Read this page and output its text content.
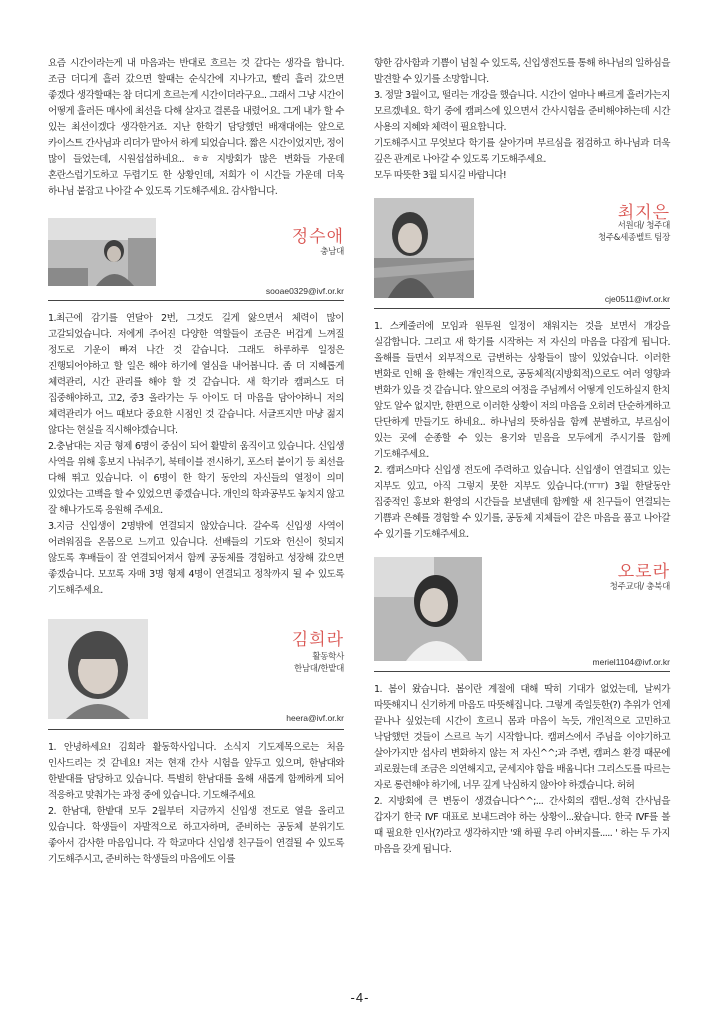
요즘 시간이라는게 내 마음과는 반대로 흐르는 것 같다는 생각을 합니다. 조금 더디게 흘러 갔으면 할때는 순식간에 지나가고, 빨리 흘러 갔으면 좋겠다 생각할때는 참 더디게 흐르는게 시간이더라구요.. 그래서 그냥 시간이 어떻게 흘러든 매사에 최선을 다해 살자고 결론을 내렸어요. 그게 내가 할 수 있는 최선이겠다 생각한거죠. 지난 한학기 담당했던 배재대에는 앞으로 카이스트 간사님과 리더가 맡아서 하게 되었습니다. 짧은 시간이었지만, 정이 많이 들었는데, 시원섭섭하네요.. ㅎㅎ 지방회가 많은 변화들 가운데 혼란스럽기도하고 두렵기도 한 상황인데, 저희가 이 시간들 가운데 더욱 하나님 붙잡고 나아갈 수 있도록 기도해주세요. 감사합니다.

정수애
충남대
sooae0329@ivf.or.kr

1.최근에 감기를 연달아 2번, 그것도 길게 앓으면서 체력이 많이 고갈되었습니다. 저에게 주어진 다양한 역할들이 조금은 버겁게 느껴질 정도로 기운이 빠져 나간 것 같습니다. 그래도 하루하루 일정은 진행되어야하고 할 일은 해야 하기에 열심을 내어봅니다. 좀 더 지혜롭게 체력관리, 시간 관리를 해야 할 것 같습니다. 새 학기라 캠퍼스도 더 집중해야하고, 고2, 중3 올라가는 두 아이도 더 마음을 담아야하니 저의 체력관리가 어느 때보다 중요한 시점인 것 같습니다. 서글프지만 마냥 젊지 않다는 현실을 직시해야겠습니다.

2.충남대는 지금 형제 6명이 중심이 되어 활발히 움직이고 있습니다. 신입생 사역을 위해 홍보지 나눠주기, 북테이블 전시하기, 포스터 붙이기 등 최선을 다해 뛰고 있습니다. 이 6명이 한 학기 동안의 자신들의 열정이 의미 있었다는 고백을 할 수 있었으면 좋겠습니다. 개인의 학과공부도 놓치지 않고 잘 해나가도록 응원해 주세요.

3.지금 신입생이 2명밖에 연결되지 않았습니다. 갈수록 신입생 사역이 어려워짐을 온몸으로 느끼고 있습니다. 선배들의 기도와 헌신이 헛되지 않도록 후배들이 잘 연결되어져서 함께 공동체를 경험하고 성장해 갔으면 좋겠습니다. 모꼬록 자매 3명 형제 4명이 연결되고 정착까지 될 수 있도록 기도해주세요.

김희라
활동학사
한남대/한밭대
heera@ivf.or.kr

1. 안녕하세요! 김희라 활동학사입니다. 소식지 기도제목으로는 처음 인사드리는 것 같네요! 저는 현재 간사 시험을 앞두고 있으며, 한남대와 한밭대를 담당하고 있습니다. 특별히 한남대를 올해 새롭게 함께하게 되어 적응하고 맞춰가는 과정 중에 있습니다. 기도해주세요

2. 한남대, 한밭대 모두 2월부터 지금까지 신입생 전도로 열을 올리고 있습니다. 학생들이 자발적으로 하고자하며, 준비하는 공동체 분위기도 좋아서 감사한 마음입니다. 각 학교마다 신입생 친구들이 연결될 수 있도록 기도해주시고, 준비하는 학생들의 마음에도 이를

향한 감사함과 기쁨이 넘칠 수 있도록, 신입생전도를 통해 하나님의 일하심을 발견할 수 있기를 소망합니다.

3. 정말 3월이고, 떨리는 개강을 했습니다. 시간이 얼마나 빠르게 흘러가는지 모르겠네요. 학기 중에 캠퍼스에 있으면서 간사시험을 준비해야하는데 시간 사용의 지혜와 체력이 필요합니다.

기도해주시고 무엇보다 학기를 살아가며 부르심을 점검하고 하나님과 더욱 깊은 관계로 나아갈 수 있도록 기도해주세요.

모두 따뜻한 3월 되시길 바랍니다!

최지은
서원대/ 청주대
청주&세종벨트 팀장
cje0511@ivf.or.kr

1. 스케줄러에 모임과 원투원 일정이 채워지는 것을 보면서 개강을 실감합니다. 그리고 새 학기를 시작하는 저 자신의 마음을 다잡게 됩니다. 올해를 들면서 외부적으로 급변하는 상황들이 많이 있었습니다. 이러한 변화로 인해 올 한해는 개인적으로, 공동체적(지방회적)으로도 여러 영향과 변화가 있을 것 같습니다. 앞으로의 여정을 주님께서 어떻게 인도하실지 한치 앞도 알수 없지만, 한편으로 이러한 상황이 저의 마음을 오히려 단순하게하고 단단하게 만들기도 하네요.. 하나님의 뜻하심을 함께 분별하고, 부르심이 있는 곳에 순종할 수 있는 용기와 믿음을 모두에게 주시기를 함께 기도해주세요.

2. 캠퍼스마다 신입생 전도에 주력하고 있습니다. 신입생이 연결되고 있는 지부도 있고, 아직 그렇지 못한 지부도 있습니다.(ㅠㅠ) 3월 한달동안 집중적인 홍보와 환영의 시간들을 보낼텐데 함께할 새 친구들이 연결되는 기쁨과 은혜를 경험할 수 있기를, 공동체 지체들이 같은 마음을 품고 나아갈 수 있기를 기도해주세요.

오로라
청주교대/ 충북대
meriel1104@ivf.or.kr

1. 봄이 왔습니다. 봄이란 계절에 대해 딱히 기대가 없었는데, 날씨가 따뜻해지니 신기하게 마음도 따뜻해집니다. 그렇게 죽일듯한(?) 추위가 언제 끝나나 싶었는데 시간이 흐르니 몸과 마음이 녹듯, 개인적으로 고민하고 낙담했던 것들이 스르르 녹기 시작합니다. 캠퍼스에서 주님을 이야기하고 살아가지만 섭사리 변화하지 않는 저 자신^^;과 주변, 캠퍼스 환경 때문에 괴로웠는데 조금은 의연해지고, 굳세지야 함을 배웁니다! 그리스도를 따르는 자로 롱런해야 하기에, 너무 깊게 낙심하지 않아야 하겠습니다. 허허

2. 지방회에 큰 변동이 생겼습니다^^;... 간사회의 캡틴..성혁 간사님을 갑자기 한국 IVF 대표로 보내드려야 하는 상황이...왔습니다. 한국 IVF를 볼 때 필요한 인사(?)라고 생각하지만 '왜 하필 우리 아버지를..... ' 하는 두 가지 마음을 갖게 됩니다.

-4-
